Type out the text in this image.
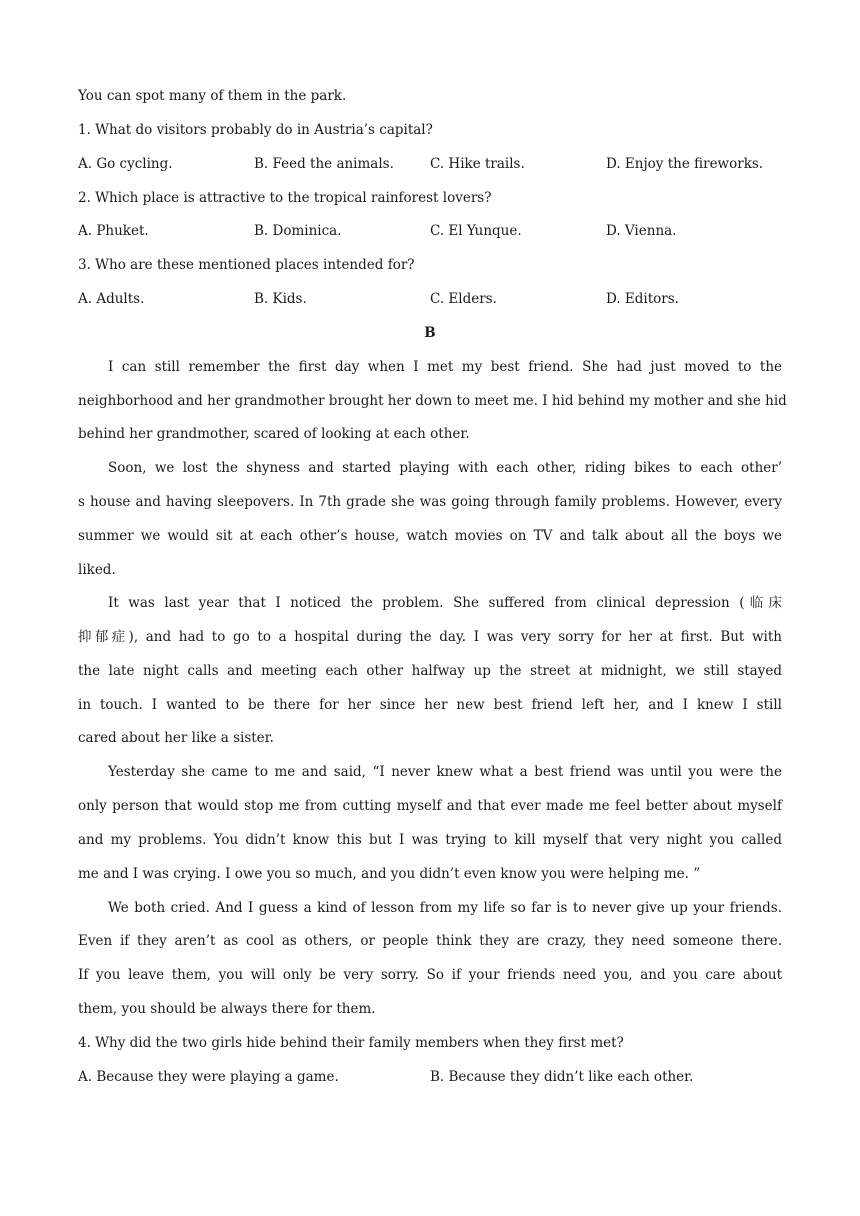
You can spot many of them in the park.
1. What do visitors probably do in Austria’s capital?
A. Go cycling.	B. Feed the animals.	C. Hike trails.	D. Enjoy the fireworks.
2. Which place is attractive to the tropical rainforest lovers?
A. Phuket.	B. Dominica.	C. El Yunque.	D. Vienna.
3. Who are these mentioned places intended for?
A. Adults.	B. Kids.	C. Elders.	D. Editors.
B
I can still remember the first day when I met my best friend. She had just moved to the
neighborhood and her grandmother brought her down to meet me. I hid behind my mother and she hid
behind her grandmother, scared of looking at each other.
Soon, we lost the shyness and started playing with each other, riding bikes to each other’
s house and having sleepovers. In 7th grade she was going through family problems. However, every
summer we would sit at each other’s house, watch movies on TV and talk about all the boys we
liked.
It was last year that I noticed the problem. She suffered from clinical depression (临床
抑郁症), and had to go to a hospital during the day. I was very sorry for her at first. But with
the late night calls and meeting each other halfway up the street at midnight, we still stayed
in touch. I wanted to be there for her since her new best friend left her, and I knew I still
cared about her like a sister.
Yesterday she came to me and said, “I never knew what a best friend was until you were the
only person that would stop me from cutting myself and that ever made me feel better about myself
and my problems. You didn’t know this but I was trying to kill myself that very night you called
me and I was crying. I owe you so much, and you didn’t even know you were helping me. ”
We both cried. And I guess a kind of lesson from my life so far is to never give up your friends.
Even if they aren’t as cool as others, or people think they are crazy, they need someone there.
If you leave them, you will only be very sorry. So if your friends need you, and you care about
them, you should be always there for them.
4. Why did the two girls hide behind their family members when they first met?
A. Because they were playing a game.	B. Because they didn’t like each other.
